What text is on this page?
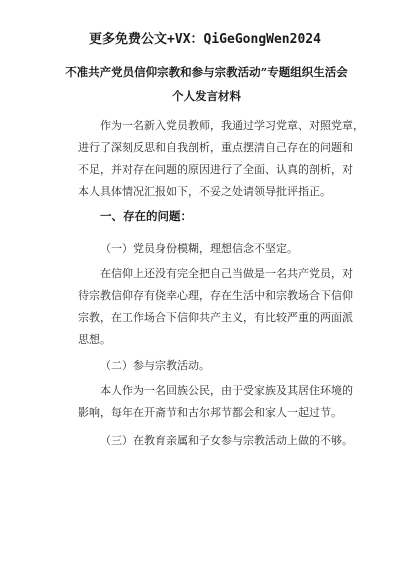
更多免费公文+VX：QiGeGongWen2024
不准共产党员信仰宗教和参与宗教活动”专题组织生活会
个人发言材料
作为一名新入党员教师，我通过学习党章、对照党章，
进行了深刻反思和自我剖析，重点摆清自己存在的问题和
不足，并对存在问题的原因进行了全面、认真的剖析，对
本人具体情况汇报如下，不妥之处请领导批评指正。
一、存在的问题：
（一）党员身份模糊，理想信念不坚定。
在信仰上还没有完全把自己当做是一名共产党员，对
待宗教信仰存有侥幸心理，存在生活中和宗教场合下信仰
宗教，在工作场合下信仰共产主义，有比较严重的两面派
思想。
（二）参与宗教活动。
本人作为一名回族公民，由于受家族及其居住环境的
影响，每年在开斋节和古尔邦节都会和家人一起过节。
（三）在教育亲属和子女参与宗教活动上做的不够。
